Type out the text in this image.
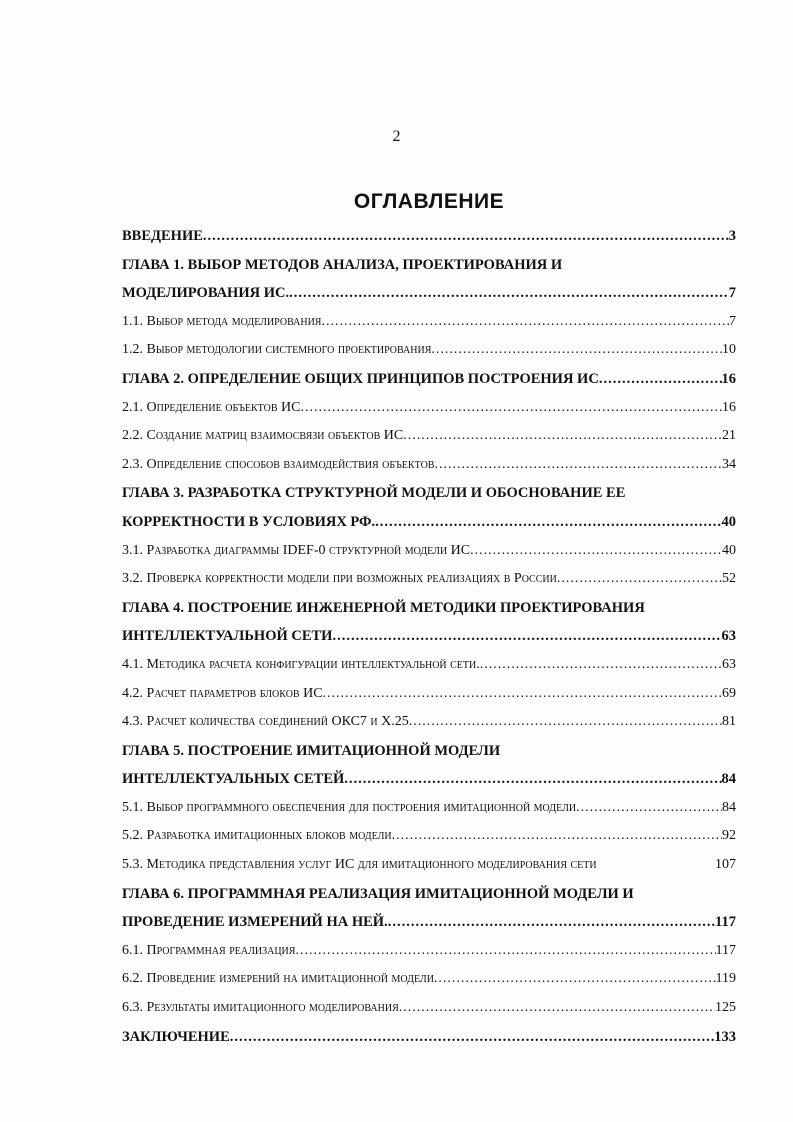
2
ОГЛАВЛЕНИЕ
ВВЕДЕНИЕ .....	3
ГЛАВА 1. ВЫБОР МЕТОДОВ АНАЛИЗА, ПРОЕКТИРОВАНИЯ И
МОДЕЛИРОВАНИЯ ИС. .....	7
1.1. Выбор метода моделирования .....	7
1.2. Выбор методологии системного проектирования .....	10
ГЛАВА 2. ОПРЕДЕЛЕНИЕ ОБЩИХ ПРИНЦИПОВ ПОСТРОЕНИЯ ИС .....	16
2.1. Определение объектов ИС .....	16
2.2. Создание матриц взаимосвязи объектов ИС .....	21
2.3. Определение способов взаимодействия объектов .....	34
ГЛАВА 3. РАЗРАБОТКА СТРУКТУРНОЙ МОДЕЛИ И ОБОСНОВАНИЕ ЕЕ
КОРРЕКТНОСТИ В УСЛОВИЯХ РФ. .....	40
3.1. Разработка диаграммы IDEF-0 структурной модели ИС .....	40
3.2. Проверка корректности модели при возможных реализациях в России .....	52
ГЛАВА 4. ПОСТРОЕНИЕ ИНЖЕНЕРНОЙ МЕТОДИКИ ПРОЕКТИРОВАНИЯ
ИНТЕЛЛЕКТУАЛЬНОЙ СЕТИ .....	63
4.1. Методика расчета конфигурации интеллектуальной сети. .....	63
4.2. Расчет параметров блоков ИС .....	69
4.3. Расчет количества соединений ОКС7 и Х.25 .....	81
ГЛАВА 5. ПОСТРОЕНИЕ ИМИТАЦИОННОЙ МОДЕЛИ
ИНТЕЛЛЕКТУАЛЬНЫХ СЕТЕЙ .....	84
5.1. Выбор программного обеспечения для построения имитационной модели .....	84
5.2. Разработка имитационных блоков модели .....	92
5.3. Методика представления услуг ИС для имитационного моделирования сети	107
ГЛАВА 6. ПРОГРАММНАЯ РЕАЛИЗАЦИЯ ИМИТАЦИОННОЙ МОДЕЛИ И
ПРОВЕДЕНИЕ ИЗМЕРЕНИЙ НА НЕЙ. .....	117
6.1. Программная реализация .....	117
6.2. Проведение измерений на имитационной модели .....	119
6.3. Результаты имитационного моделирования .....	125
ЗАКЛЮЧЕНИЕ .....	133
